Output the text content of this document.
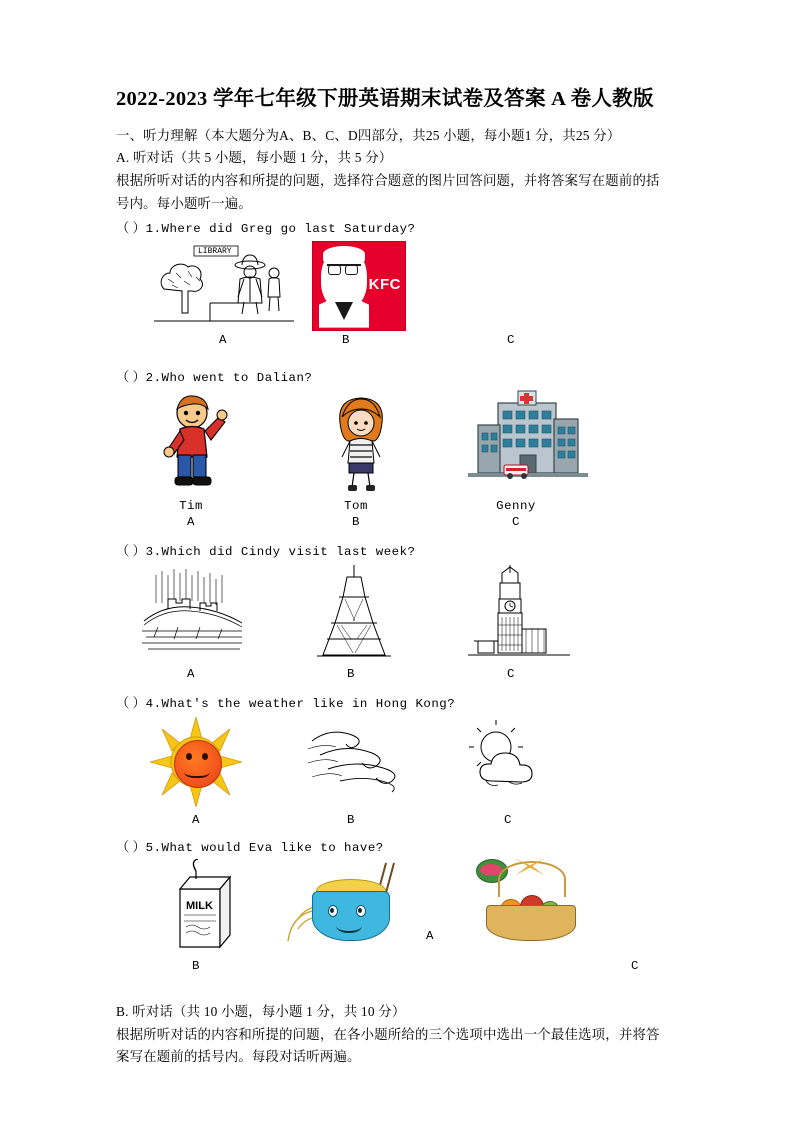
2022-2023 学年七年级下册英语期末试卷及答案 A 卷人教版

一、听力理解（本大题分为A、B、C、D四部分，共25 小题，每小题1 分，共25 分）

A. 听对话（共 5 小题，每小题 1 分，共 5 分）

根据所听对话的内容和所提的问题，选择符合题意的图片回答问题，并将答案写在题前的括

号内。每小题听一遍。

（ ）1.Where did Greg go last Saturday?
LIBRARY
KFC
A	B	C
（ ）2.Who went to Dalian?
Tim	Tom	Genny
A	B	C
（ ）3.Which did Cindy visit last week?
A	B	C
（ ）4.What's the weather like in Hong Kong?
A	B	C
（ ）5.What would Eva like to have?
MILK
B
A
C

B. 听对话（共 10 小题，每小题 1 分，共 10 分）

根据所听对话的内容和所提的问题，在各小题所给的三个选项中选出一个最佳选项，并将答

案写在题前的括号内。每段对话听两遍。
